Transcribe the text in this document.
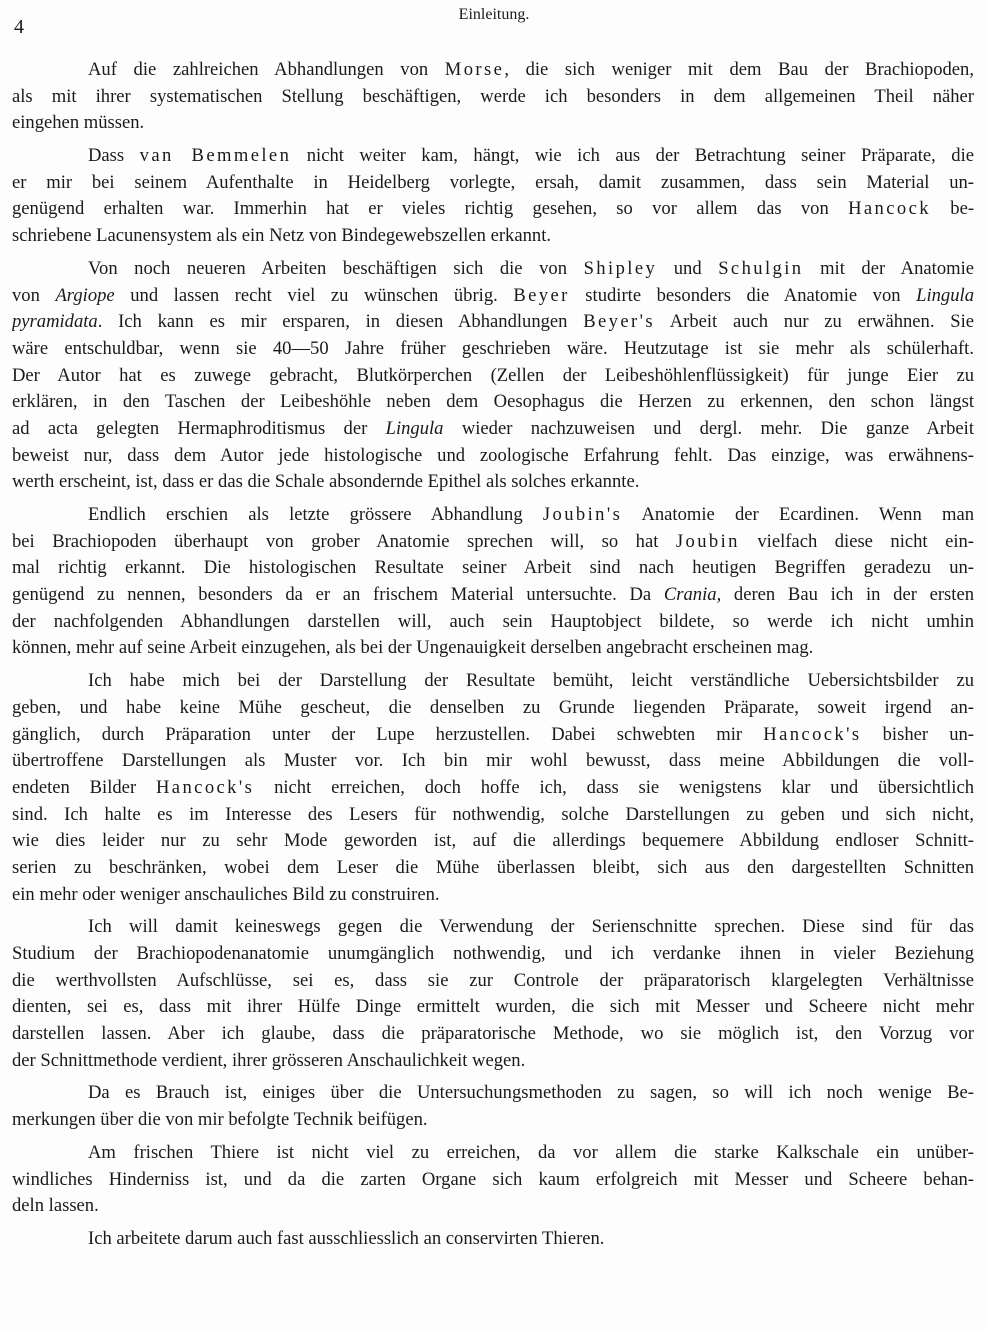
4
Einleitung.
Auf die zahlreichen Abhandlungen von Morse, die sich weniger mit dem Bau der Brachiopoden,
als mit ihrer systematischen Stellung beschäftigen, werde ich besonders in dem allgemeinen Theil näher
eingehen müssen.
Dass van Bemmelen nicht weiter kam, hängt, wie ich aus der Betrachtung seiner Präparate, die
er mir bei seinem Aufenthalte in Heidelberg vorlegte, ersah, damit zusammen, dass sein Material un-
genügend erhalten war. Immerhin hat er vieles richtig gesehen, so vor allem das von Hancock be-
schriebene Lacunensystem als ein Netz von Bindegewebszellen erkannt.
Von noch neueren Arbeiten beschäftigen sich die von Shipley und Schulgin mit der Anatomie
von Argiope und lassen recht viel zu wünschen übrig. Beyer studirte besonders die Anatomie von Lingula
pyramidata. Ich kann es mir ersparen, in diesen Abhandlungen Beyer's Arbeit auch nur zu erwähnen. Sie
wäre entschuldbar, wenn sie 40—50 Jahre früher geschrieben wäre. Heutzutage ist sie mehr als schülerhaft.
Der Autor hat es zuwege gebracht, Blutkörperchen (Zellen der Leibeshöhlenflüssigkeit) für junge Eier zu
erklären, in den Taschen der Leibeshöhle neben dem Oesophagus die Herzen zu erkennen, den schon längst
ad acta gelegten Hermaphroditismus der Lingula wieder nachzuweisen und dergl. mehr. Die ganze Arbeit
beweist nur, dass dem Autor jede histologische und zoologische Erfahrung fehlt. Das einzige, was erwähnens-
werth erscheint, ist, dass er das die Schale absondernde Epithel als solches erkannte.
Endlich erschien als letzte grössere Abhandlung Joubin's Anatomie der Ecardinen. Wenn man
bei Brachiopoden überhaupt von grober Anatomie sprechen will, so hat Joubin vielfach diese nicht ein-
mal richtig erkannt. Die histologischen Resultate seiner Arbeit sind nach heutigen Begriffen geradezu un-
genügend zu nennen, besonders da er an frischem Material untersuchte. Da Crania, deren Bau ich in der ersten
der nachfolgenden Abhandlungen darstellen will, auch sein Hauptobject bildete, so werde ich nicht umhin
können, mehr auf seine Arbeit einzugehen, als bei der Ungenauigkeit derselben angebracht erscheinen mag.
Ich habe mich bei der Darstellung der Resultate bemüht, leicht verständliche Uebersichtsbilder zu
geben, und habe keine Mühe gescheut, die denselben zu Grunde liegenden Präparate, soweit irgend an-
gänglich, durch Präparation unter der Lupe herzustellen. Dabei schwebten mir Hancock's bisher un-
übertroffene Darstellungen als Muster vor. Ich bin mir wohl bewusst, dass meine Abbildungen die voll-
endeten Bilder Hancock's nicht erreichen, doch hoffe ich, dass sie wenigstens klar und übersichtlich
sind. Ich halte es im Interesse des Lesers für nothwendig, solche Darstellungen zu geben und sich nicht,
wie dies leider nur zu sehr Mode geworden ist, auf die allerdings bequemere Abbildung endloser Schnitt-
serien zu beschränken, wobei dem Leser die Mühe überlassen bleibt, sich aus den dargestellten Schnitten
ein mehr oder weniger anschauliches Bild zu construiren.
Ich will damit keineswegs gegen die Verwendung der Serienschnitte sprechen. Diese sind für das
Studium der Brachiopodenanatomie unumgänglich nothwendig, und ich verdanke ihnen in vieler Beziehung
die werthvollsten Aufschlüsse, sei es, dass sie zur Controle der präparatorisch klargelegten Verhältnisse
dienten, sei es, dass mit ihrer Hülfe Dinge ermittelt wurden, die sich mit Messer und Scheere nicht mehr
darstellen lassen. Aber ich glaube, dass die präparatorische Methode, wo sie möglich ist, den Vorzug vor
der Schnittmethode verdient, ihrer grösseren Anschaulichkeit wegen.
Da es Brauch ist, einiges über die Untersuchungsmethoden zu sagen, so will ich noch wenige Be-
merkungen über die von mir befolgte Technik beifügen.
Am frischen Thiere ist nicht viel zu erreichen, da vor allem die starke Kalkschale ein unüber-
windliches Hinderniss ist, und da die zarten Organe sich kaum erfolgreich mit Messer und Scheere behan-
deln lassen.
Ich arbeitete darum auch fast ausschliesslich an conservirten Thieren.
